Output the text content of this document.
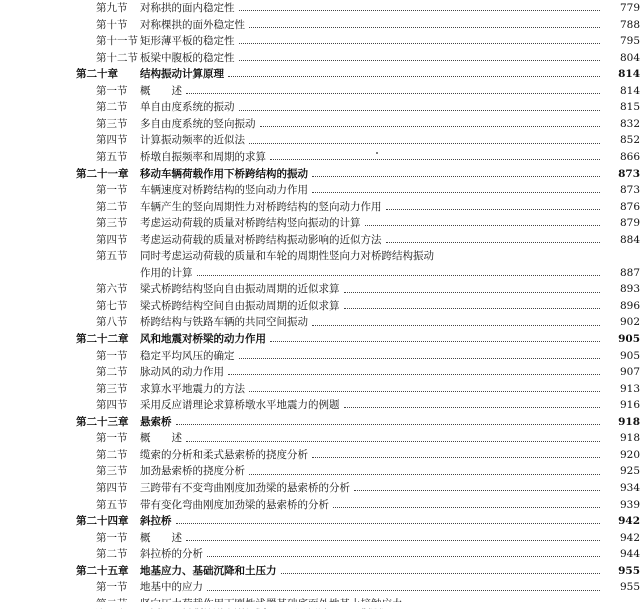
第九节	对称拱的面内稳定性	779
第十节	对称棵拱的面外稳定性	788
第十一节 矩形薄平板的稳定性	795
第十二节 板梁中腹板的稳定性	804
第二十章	结构振动计算原理	814
第一节	概　　述	814
第二节	单自由度系统的振动	815
第三节	多自由度系统的竖向振动	832
第四节	计算振动频率的近似法	852
第五节	桥墩自振频率和周期的求算	866
第二十一章	移动车辆荷载作用下桥跨结构的振动	873
第一节	车辆速度对桥跨结构的竖向动力作用	873
第二节	车辆产生的竖向周期性力对桥跨结构的竖向动力作用	876
第三节	考虑运动荷载的质量对桥跨结构竖向振动的计算	879
第四节	考虑运动荷载的质量对桥跨结构振动影响的近似方法	884
第五节	同时考虑运动荷载的质量和车轮的周期性竖向力对桥跨结构振动
作用的计算	887
第六节	梁式桥跨结构竖向自由振动周期的近似求算	893
第七节	梁式桥跨结构空间自由振动周期的近似求算	896
第八节	桥跨结构与铁路车辆的共同空间振动	902
第二十二章	风和地震对桥梁的动力作用	905
第一节	稳定平均风压的确定	905
第二节	脉动风的动力作用	907
第三节	求算水平地震力的方法	913
第四节	采用反应谱理论求算桥墩水平地震力的例题	916
第二十三章	悬索桥	918
第一节	概　　述	918
第二节	缆索的分析和柔式悬索桥的挠度分析	920
第三节	加劲悬索桥的挠度分析	925
第四节	三跨带有不变弯曲刚度加劲梁的悬索桥的分析	934
第五节	带有变化弯曲刚度加劲梁的悬索桥的分析	939
第二十四章	斜拉桥	942
第一节	概　　述	942
第二节	斜拉桥的分析	944
第二十五章	地基应力、基础沉降和土压力	955
第一节	地基中的应力	955
